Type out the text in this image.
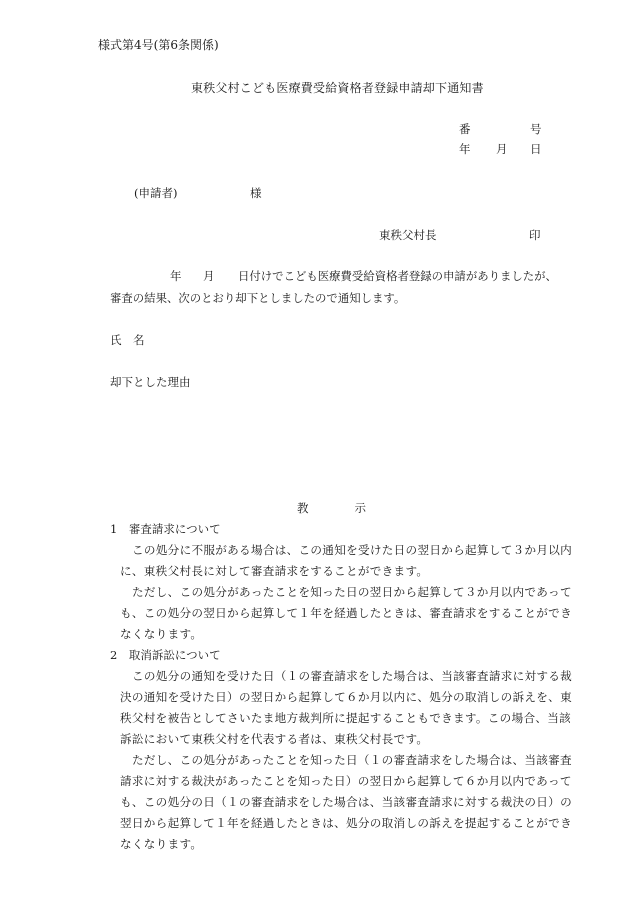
様式第4号(第6条関係)
東秩父村こども医療費受給資格者登録申請却下通知書
番	号
年 月 日
(申請者)	様
東秩父村長	印
年 月 日付けでこども医療費受給資格者登録の申請がありましたが、
審査の結果、次のとおり却下としましたので通知します。
氏　名
却下とした理由
教　　　　示
1　審査請求について
この処分に不服がある場合は、この通知を受けた日の翌日から起算して３か月以内
に、東秩父村長に対して審査請求をすることができます。
ただし、この処分があったことを知った日の翌日から起算して３か月以内であって
も、この処分の翌日から起算して１年を経過したときは、審査請求をすることができ
なくなります。
2　取消訴訟について
この処分の通知を受けた日（１の審査請求をした場合は、当該審査請求に対する裁
決の通知を受けた日）の翌日から起算して６か月以内に、処分の取消しの訴えを、東
秩父村を被告としてさいたま地方裁判所に提起することもできます。この場合、当該
訴訟において東秩父村を代表する者は、東秩父村長です。
ただし、この処分があったことを知った日（１の審査請求をした場合は、当該審査
請求に対する裁決があったことを知った日）の翌日から起算して６か月以内であって
も、この処分の日（１の審査請求をした場合は、当該審査請求に対する裁決の日）の
翌日から起算して１年を経過したときは、処分の取消しの訴えを提起することができ
なくなります。
